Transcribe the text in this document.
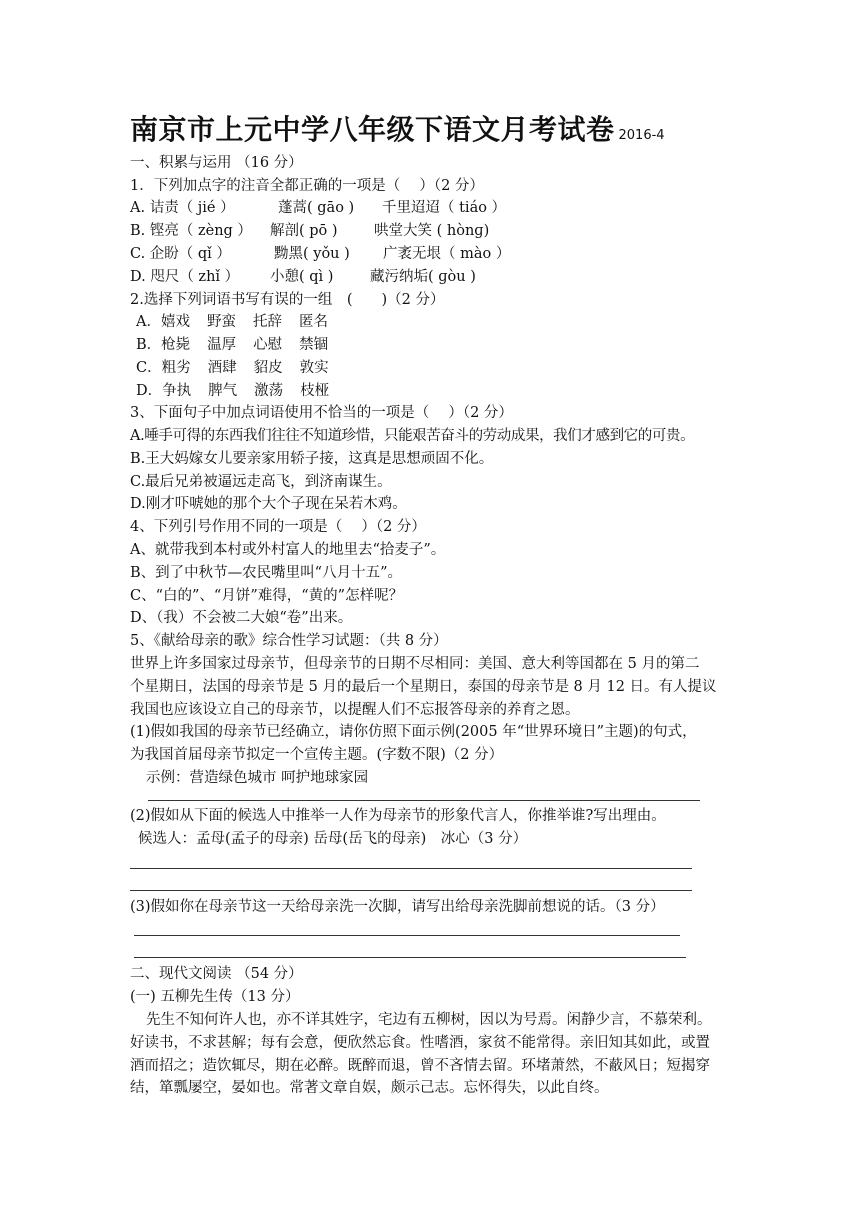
南京市上元中学八年级下语文月考试卷 2016-4
一、积累与运用 （16 分）
1．下列加点字的注音全都正确的一项是（　 ）（2 分）
A. 诘责（ jié ）	蓬蒿( gāo ) 千里迢迢（ tiáo ）
B. 铿亮（ zèng ） 解剖( pō )	哄堂大笑 ( hònɡ)
C. 企盼（ qǐ ）	黝黑( yǒu ) 广袤无垠（ mào ）
D. 咫尺（ zhǐ ） 小憩( qì )	藏污纳垢( ɡòu )
2.选择下列词语书写有误的一组　(　　)（2 分）
A．嬉戏 野蛮 托辞 匿名
B．枪毙 温厚 心慰 禁锢
C．粗劣 酒肆 貂皮 敦实
D．争执 脾气 激荡 枝桠
3、下面句子中加点词语使用不恰当的一项是（　 ）（2 分）
A.唾手可得的东西我们往往不知道珍惜，只能艰苦奋斗的劳动成果，我们才感到它的可贵。
B.王大妈嫁女儿要亲家用轿子接，这真是思想顽固不化。
C.最后兄弟被逼远走高飞，到济南谋生。
D.刚才吓唬她的那个大个子现在呆若木鸡。
4、下列引号作用不同的一项是（　 ）（2 分）
A、就带我到本村或外村富人的地里去“拾麦子”。
B、到了中秋节—农民嘴里叫“八月十五”。
C、“白的”、“月饼”难得，“黄的”怎样呢？
D、（我）不会被二大娘“卷”出来。
5、《献给母亲的歌》综合性学习试题：（共 8 分）
世界上许多国家过母亲节，但母亲节的日期不尽相同：美国、意大利等国都在 5 月的第二
个星期日，法国的母亲节是 5 月的最后一个星期日，泰国的母亲节是 8 月 12 日。有人提议
我国也应该设立自己的母亲节，以提醒人们不忘报答母亲的养育之恩。
(1)假如我国的母亲节已经确立，请你仿照下面示例(2005 年“世界环境日”主题)的句式，
为我国首届母亲节拟定一个宣传主题。(字数不限)（2 分）
示例：营造绿色城市 呵护地球家园
(2)假如从下面的候选人中推举一人作为母亲节的形象代言人，你推举谁?写出理由。
候选人：孟母(孟子的母亲) 岳母(岳飞的母亲)　冰心（3 分）
(3)假如你在母亲节这一天给母亲洗一次脚，请写出给母亲洗脚前想说的话。（3 分）
二、现代文阅读 （54 分）
(一) 五柳先生传（13 分）
先生不知何许人也，亦不详其姓字，宅边有五柳树，因以为号焉。闲静少言，不慕荣利。
好读书，不求甚解；每有会意，便欣然忘食。性嗜酒，家贫不能常得。亲旧知其如此，或置
酒而招之；造饮辄尽，期在必醉。既醉而退，曾不吝情去留。环堵萧然，不蔽风日；短揭穿
结，箪瓢屡空，晏如也。常著文章自娱，颇示己志。忘怀得失，以此自终。
